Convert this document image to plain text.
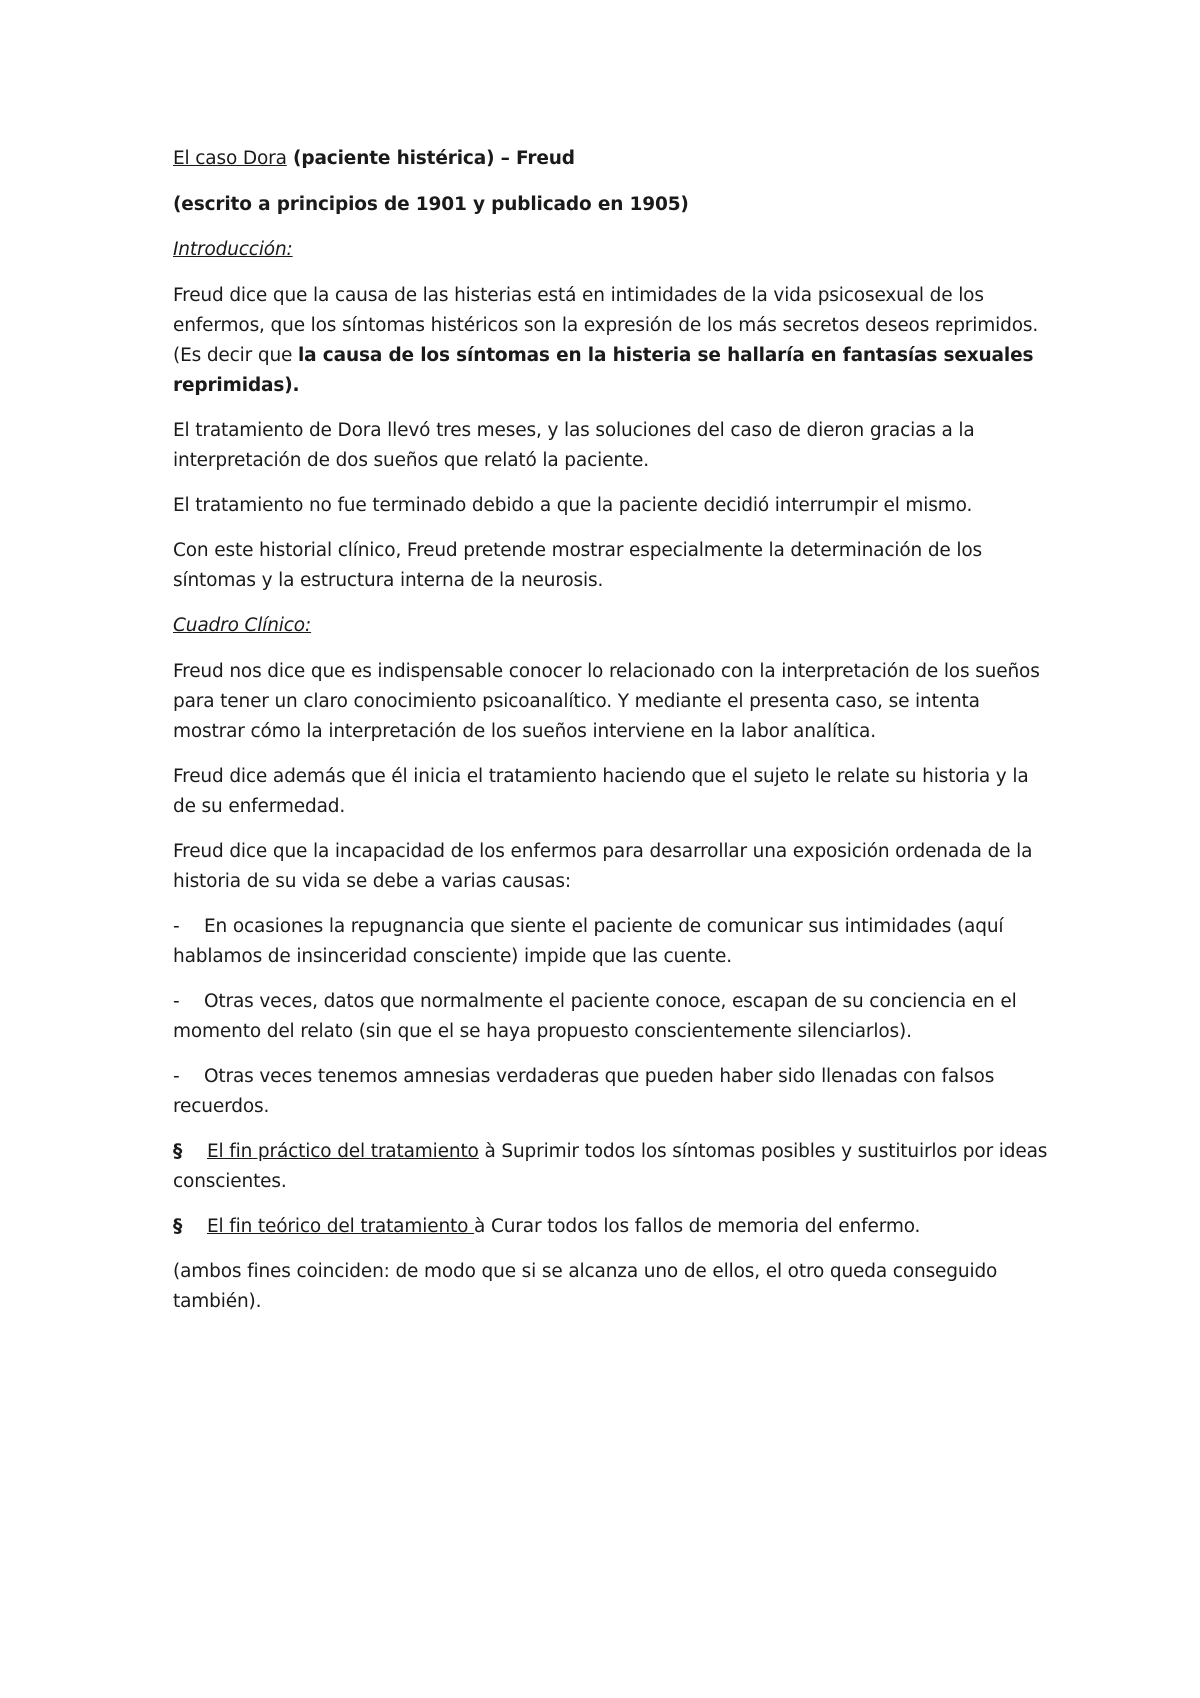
El caso Dora (paciente histérica) – Freud

(escrito a principios de 1901 y publicado en 1905)

Introducción:

Freud dice que la causa de las histerias está en intimidades de la vida psicosexual de los enfermos, que los síntomas histéricos son la expresión de los más secretos deseos reprimidos. (Es decir que la causa de los síntomas en la histeria se hallaría en fantasías sexuales reprimidas).

El tratamiento de Dora llevó tres meses, y las soluciones del caso de dieron gracias a la interpretación de dos sueños que relató la paciente.

El tratamiento no fue terminado debido a que la paciente decidió interrumpir el mismo.

Con este historial clínico, Freud pretende mostrar especialmente la determinación de los síntomas y la estructura interna de la neurosis.

Cuadro Clínico:

Freud nos dice que es indispensable conocer lo relacionado con la interpretación de los sueños para tener un claro conocimiento psicoanalítico. Y mediante el presenta caso, se intenta mostrar cómo la interpretación de los sueños interviene en la labor analítica.

Freud dice además que él inicia el tratamiento haciendo que el sujeto le relate su historia y la de su enfermedad.

Freud dice que la incapacidad de los enfermos para desarrollar una exposición ordenada de la historia de su vida se debe a varias causas:

- En ocasiones la repugnancia que siente el paciente de comunicar sus intimidades (aquí hablamos de insinceridad consciente) impide que las cuente.

- Otras veces, datos que normalmente el paciente conoce, escapan de su conciencia en el momento del relato (sin que el se haya propuesto conscientemente silenciarlos).

- Otras veces tenemos amnesias verdaderas que pueden haber sido llenadas con falsos recuerdos.

§ El fin práctico del tratamiento à Suprimir todos los síntomas posibles y sustituirlos por ideas conscientes.

§ El fin teórico del tratamiento à Curar todos los fallos de memoria del enfermo.

(ambos fines coinciden: de modo que si se alcanza uno de ellos, el otro queda conseguido también).
